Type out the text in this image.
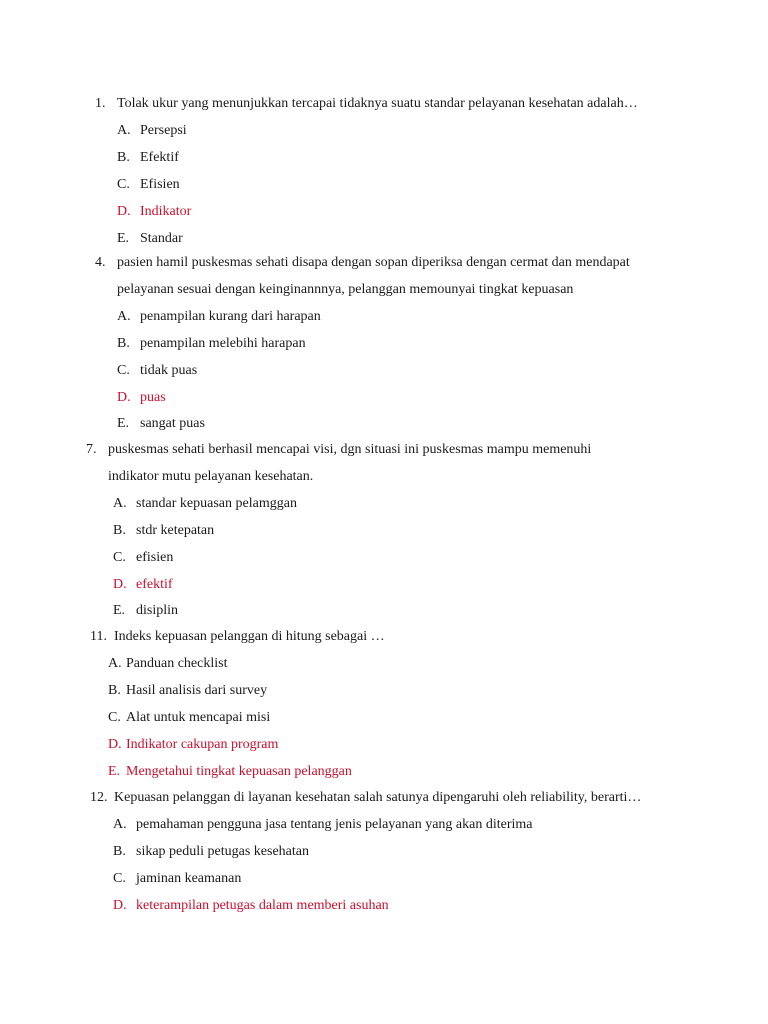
1. Tolak ukur yang menunjukkan tercapai tidaknya suatu standar pelayanan kesehatan adalah…
A. Persepsi
B. Efektif
C. Efisien
D. Indikator
E. Standar
4. pasien hamil puskesmas sehati disapa dengan sopan diperiksa dengan cermat dan mendapat
pelayanan sesuai dengan keinginannnya, pelanggan memounyai tingkat kepuasan
A. penampilan kurang dari harapan
B. penampilan melebihi harapan
C. tidak puas
D. puas
E. sangat puas
7. puskesmas sehati berhasil mencapai visi, dgn situasi ini puskesmas mampu memenuhi
indikator mutu pelayanan kesehatan.
A. standar kepuasan pelamggan
B. stdr ketepatan
C. efisien
D. efektif
E. disiplin
11. Indeks kepuasan pelanggan di hitung sebagai …
A. Panduan checklist
B. Hasil analisis dari survey
C. Alat untuk mencapai misi
D. Indikator cakupan program
E. Mengetahui tingkat kepuasan pelanggan
12. Kepuasan pelanggan di layanan kesehatan salah satunya dipengaruhi oleh reliability, berarti…
A. pemahaman pengguna jasa tentang jenis pelayanan yang akan diterima
B. sikap peduli petugas kesehatan
C. jaminan keamanan
D. keterampilan petugas dalam memberi asuhan
